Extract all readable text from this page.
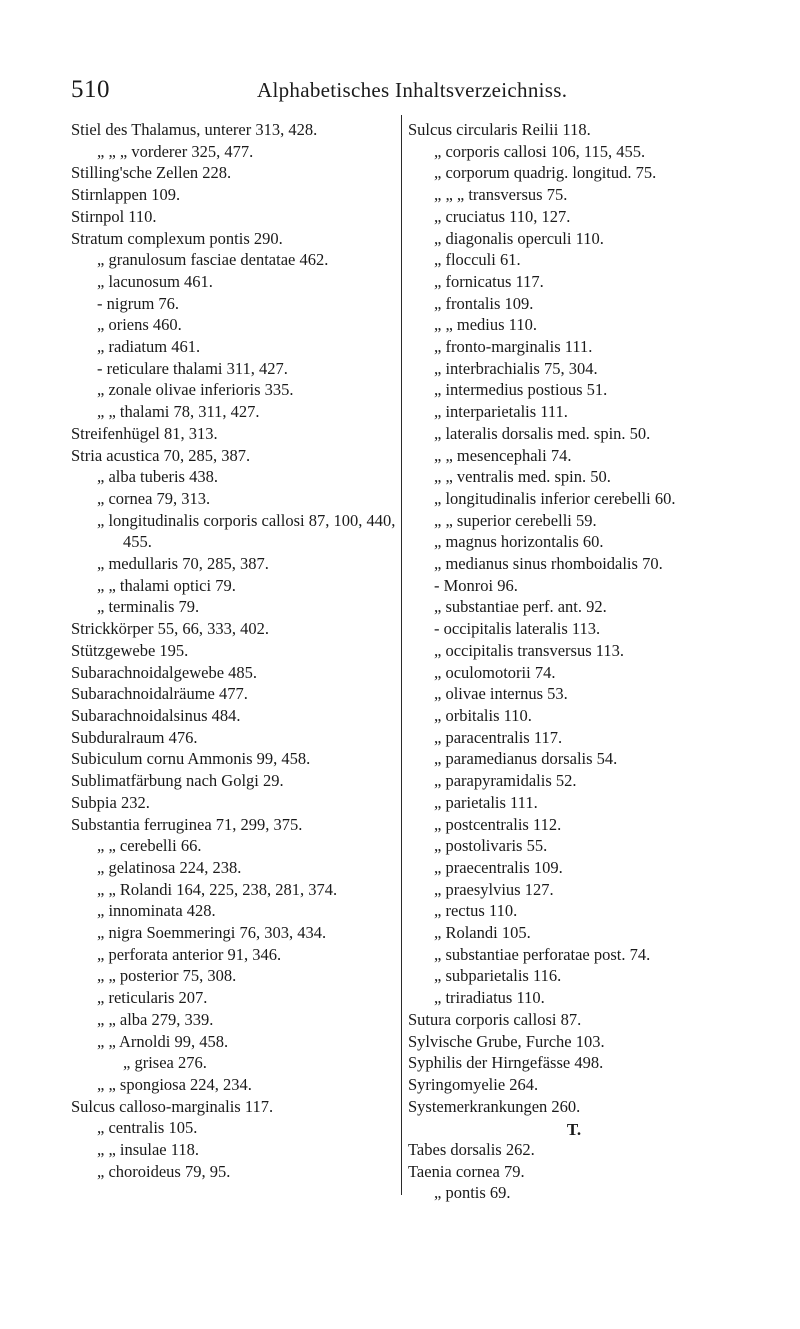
510	Alphabetisches Inhaltsverzeichniss.
Stiel des Thalamus, unterer 313, 428.
„ „ „ vorderer 325, 477.
Stilling'sche Zellen 228.
Stirnlappen 109.
Stirnpol 110.
Stratum complexum pontis 290.
„ granulosum fasciae dentatae 462.
„ lacunosum 461.
- nigrum 76.
„ oriens 460.
„ radiatum 461.
- reticulare thalami 311, 427.
„ zonale olivae inferioris 335.
„ „ thalami 78, 311, 427.
Streifenhügel 81, 313.
Stria acustica 70, 285, 387.
„ alba tuberis 438.
„ cornea 79, 313.
„ longitudinalis corporis callosi 87, 100, 440, 455.
„ medullaris 70, 285, 387.
„ „ thalami optici 79.
„ terminalis 79.
Strickkörper 55, 66, 333, 402.
Stützgewebe 195.
Subarachnoidalgewebe 485.
Subarachnoidalräume 477.
Subarachnoidalsinus 484.
Subduralraum 476.
Subiculum cornu Ammonis 99, 458.
Sublimatfärbung nach Golgi 29.
Subpia 232.
Substantia ferruginea 71, 299, 375.
„ „ cerebelli 66.
„ gelatinosa 224, 238.
„ „ Rolandi 164, 225, 238, 281, 374.
„ innominata 428.
„ nigra Soemmeringi 76, 303, 434.
„ perforata anterior 91, 346.
„ „ posterior 75, 308.
„ reticularis 207.
„ „ alba 279, 339.
„ „ Arnoldi 99, 458.
„ grisea 276.
„ „ spongiosa 224, 234.
Sulcus calloso-marginalis 117.
„ centralis 105.
„ „ insulae 118.
„ choroideus 79, 95.
Sulcus circularis Reilii 118.
„ corporis callosi 106, 115, 455.
„ corporum quadrig. longitud. 75.
„ „ „ transversus 75.
„ cruciatus 110, 127.
„ diagonalis operculi 110.
„ flocculi 61.
„ fornicatus 117.
„ frontalis 109.
„ „ medius 110.
„ fronto-marginalis 111.
„ interbrachialis 75, 304.
„ intermedius postious 51.
„ interparietalis 111.
„ lateralis dorsalis med. spin. 50.
„ „ mesencephali 74.
„ „ ventralis med. spin. 50.
„ longitudinalis inferior cerebelli 60.
„ „ superior cerebelli 59.
„ magnus horizontalis 60.
„ medianus sinus rhomboidalis 70.
- Monroi 96.
„ substantiae perf. ant. 92.
- occipitalis lateralis 113.
„ occipitalis transversus 113.
„ oculomotorii 74.
„ olivae internus 53.
„ orbitalis 110.
„ paracentralis 117.
„ paramedianus dorsalis 54.
„ parapyramidalis 52.
„ parietalis 111.
„ postcentralis 112.
„ postolivaris 55.
„ praecentralis 109.
„ praesylvius 127.
„ rectus 110.
„ Rolandi 105.
„ substantiae perforatae post. 74.
„ subparietalis 116.
„ triradiatus 110.
Sutura corporis callosi 87.
Sylvische Grube, Furche 103.
Syphilis der Hirngefässe 498.
Syringomyelie 264.
Systemerkrankungen 260.
T.
Tabes dorsalis 262.
Taenia cornea 79.
„ pontis 69.
